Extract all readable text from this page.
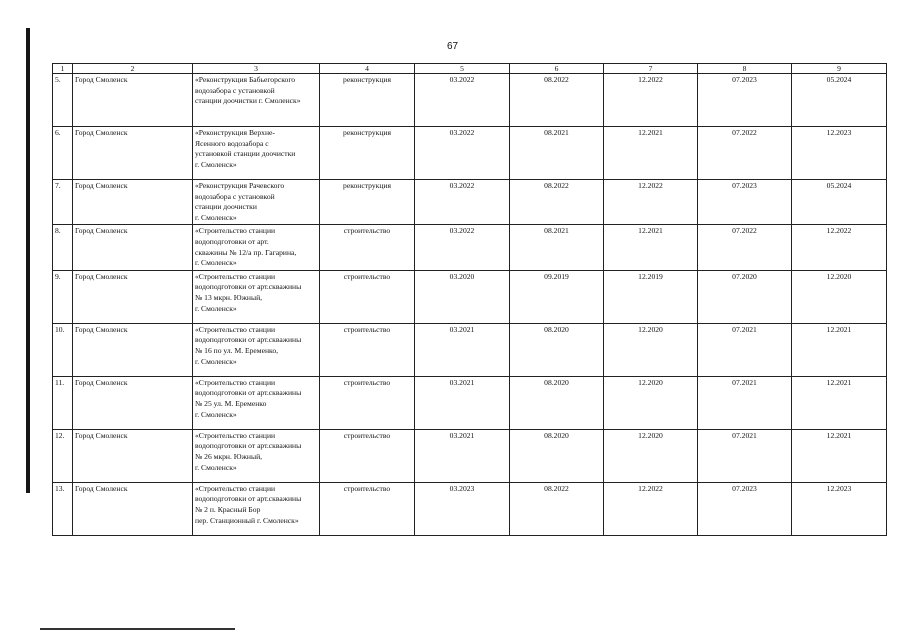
67
1	2	3	4	5	6	7	8	9
5.	Город Смоленск	«Реконструкция Бабьегорского
водозабора с установкой
станции доочистки г. Смоленск»	реконструкция	03.2022	08.2022	12.2022	07.2023	05.2024
6.	Город Смоленск	«Реконструкция Верхне-
Ясенного водозабора с
установкой станции доочистки
г. Смоленск»	реконструкция	03.2022	08.2021	12.2021	07.2022	12.2023
7.	Город Смоленск	«Реконструкция Рачевского
водозабора с установкой
станции доочистки
г. Смоленск»	реконструкция	03.2022	08.2022	12.2022	07.2023	05.2024
8.	Город Смоленск	«Строительство станции
водоподготовки от арт.
скважины № 12/а пр. Гагарина,
г. Смоленск»	строительство	03.2022	08.2021	12.2021	07.2022	12.2022
9.	Город Смоленск	«Строительство станции
водоподготовки от арт.скважины
№ 13 мкрн. Южный,
г. Смоленск»	строительство	03.2020	09.2019	12.2019	07.2020	12.2020
10.	Город Смоленск	«Строительство станции
водоподготовки от арт.скважины
№ 16 по ул. М. Еременко,
г. Смоленск»	строительство	03.2021	08.2020	12.2020	07.2021	12.2021
11.	Город Смоленск	«Строительство станции
водоподготовки от арт.скважины
№ 25 ул. М. Еременко
г. Смоленск»	строительство	03.2021	08.2020	12.2020	07.2021	12.2021
12.	Город Смоленск	«Строительство станции
водоподготовки от арт.скважины
№ 26 мкрн. Южный,
г. Смоленск»	строительство	03.2021	08.2020	12.2020	07.2021	12.2021
13.	Город Смоленск	«Строительство станции
водоподготовки от арт.скважины
№ 2 п. Красный Бор
пер. Станционный г. Смоленск»	строительство	03.2023	08.2022	12.2022	07.2023	12.2023
